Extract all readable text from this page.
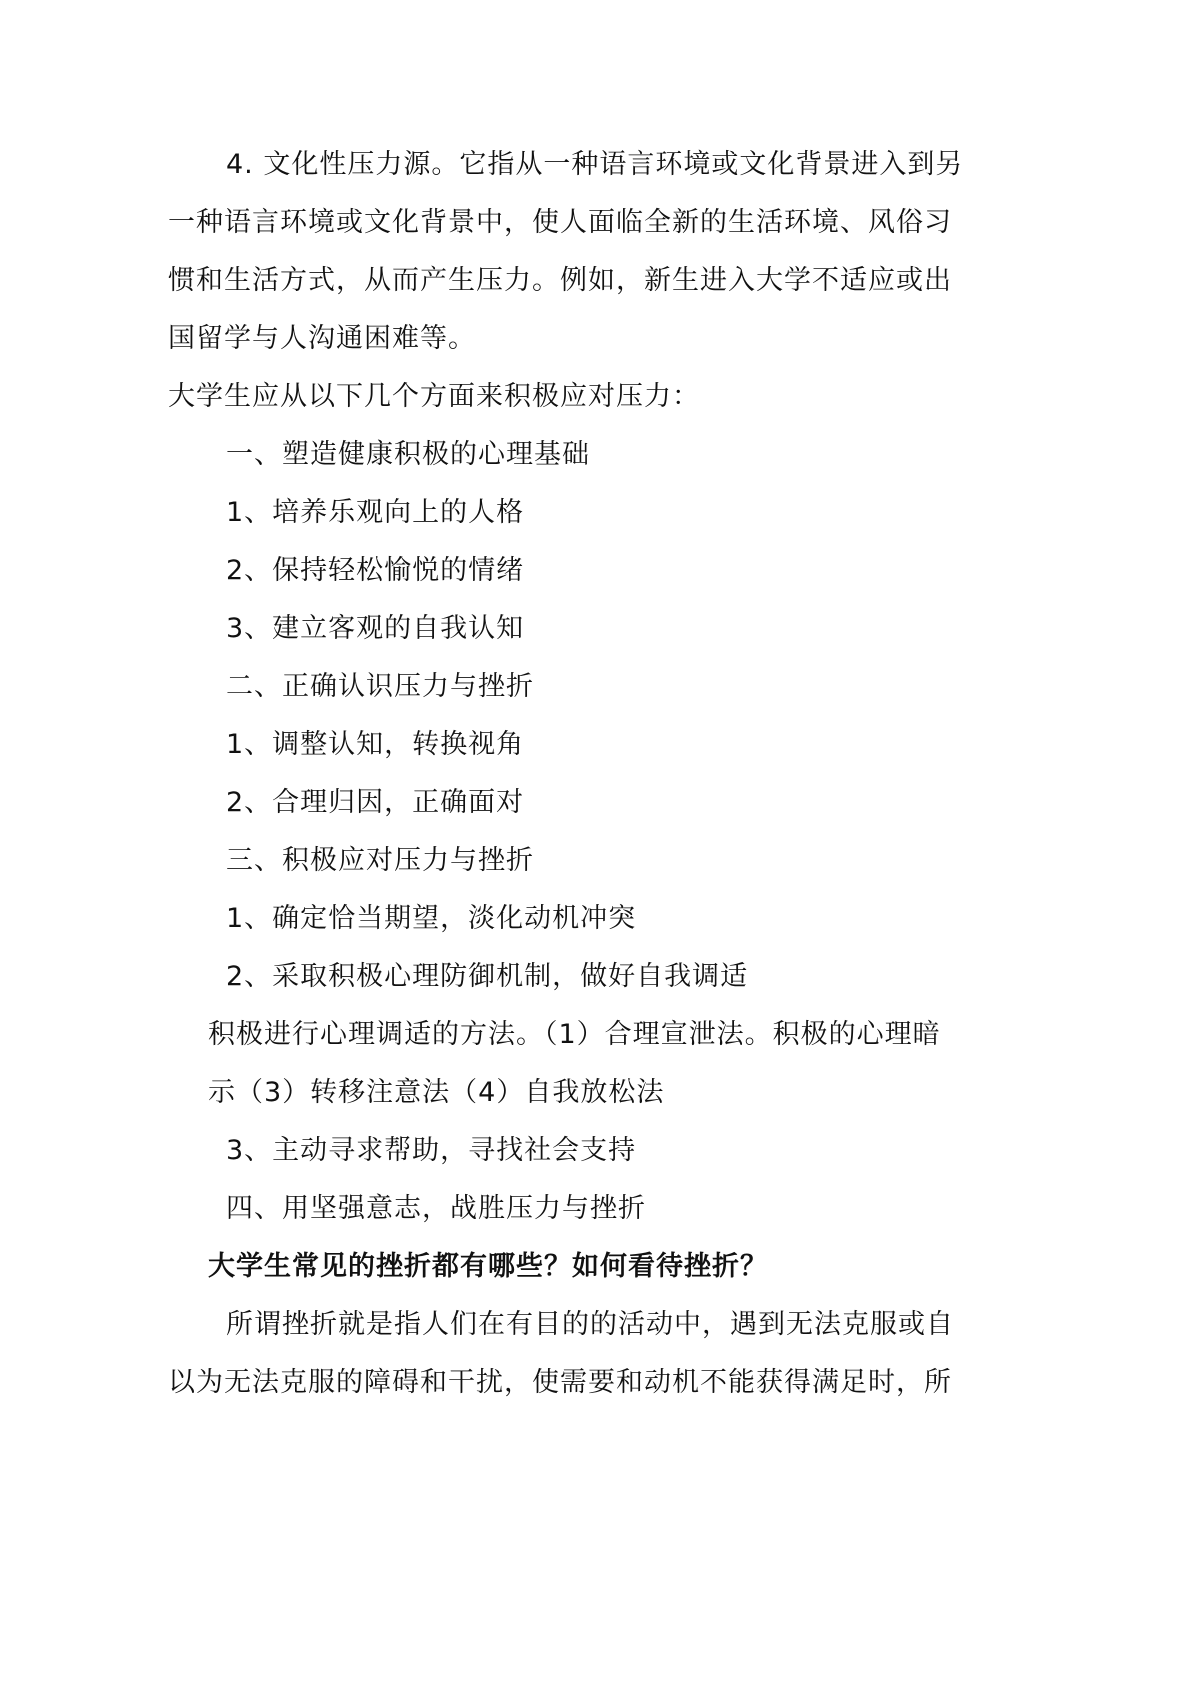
4. 文化性压力源。它指从一种语言环境或文化背景进入到另
一种语言环境或文化背景中，使人面临全新的生活环境、风俗习
惯和生活方式，从而产生压力。例如，新生进入大学不适应或出
国留学与人沟通困难等。
大学生应从以下几个方面来积极应对压力：
一、塑造健康积极的心理基础
1、培养乐观向上的人格
2、保持轻松愉悦的情绪
3、建立客观的自我认知
二、正确认识压力与挫折
1、调整认知，转换视角
2、合理归因，正确面对
三、积极应对压力与挫折
1、确定恰当期望，淡化动机冲突
2、采取积极心理防御机制，做好自我调适
积极进行心理调适的方法。（1）合理宣泄法。积极的心理暗
示（3）转移注意法（4）自我放松法
3、主动寻求帮助，寻找社会支持
四、用坚强意志，战胜压力与挫折
大学生常见的挫折都有哪些？如何看待挫折？
所谓挫折就是指人们在有目的的活动中，遇到无法克服或自
以为无法克服的障碍和干扰，使需要和动机不能获得满足时，所
